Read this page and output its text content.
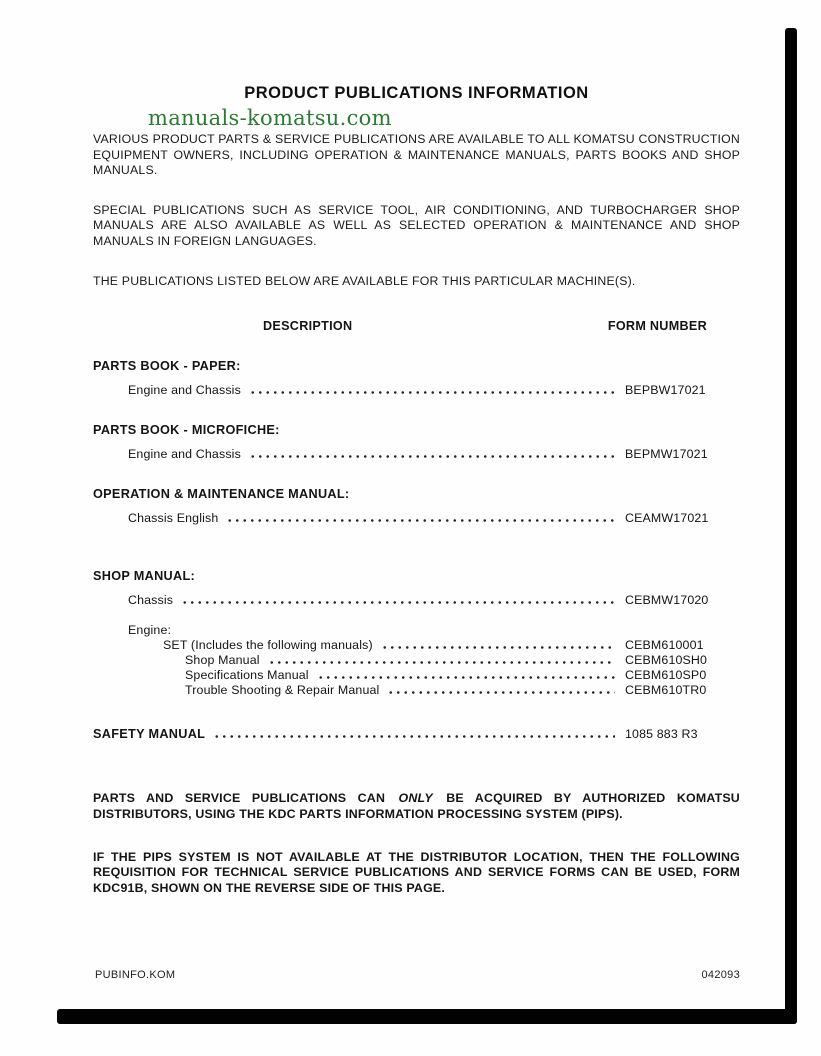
PRODUCT PUBLICATIONS INFORMATION
manuals-komatsu.com

VARIOUS PRODUCT PARTS & SERVICE PUBLICATIONS ARE AVAILABLE TO ALL KOMATSU CONSTRUCTION EQUIPMENT OWNERS, INCLUDING OPERATION & MAINTENANCE MANUALS, PARTS BOOKS AND SHOP MANUALS.

SPECIAL PUBLICATIONS SUCH AS SERVICE TOOL, AIR CONDITIONING, AND TURBOCHARGER SHOP MANUALS ARE ALSO AVAILABLE AS WELL AS SELECTED OPERATION & MAINTENANCE AND SHOP MANUALS IN FOREIGN LANGUAGES.

THE PUBLICATIONS LISTED BELOW ARE AVAILABLE FOR THIS PARTICULAR MACHINE(S).

DESCRIPTION	FORM NUMBER
PARTS BOOK - PAPER:
Engine and Chassis	BEPBW17021
PARTS BOOK - MICROFICHE:
Engine and Chassis	BEPMW17021
OPERATION & MAINTENANCE MANUAL:
Chassis English	CEAMW17021
SHOP MANUAL:
Chassis	CEBMW17020
Engine:
SET (Includes the following manuals)	CEBM610001
Shop Manual	CEBM610SH0
Specifications Manual	CEBM610SP0
Trouble Shooting & Repair Manual	CEBM610TR0
SAFETY MANUAL	1085 883 R3

PARTS AND SERVICE PUBLICATIONS CAN ONLY BE ACQUIRED BY AUTHORIZED KOMATSU DISTRIBUTORS, USING THE KDC PARTS INFORMATION PROCESSING SYSTEM (PIPS).

IF THE PIPS SYSTEM IS NOT AVAILABLE AT THE DISTRIBUTOR LOCATION, THEN THE FOLLOWING REQUISITION FOR TECHNICAL SERVICE PUBLICATIONS AND SERVICE FORMS CAN BE USED, FORM KDC91B, SHOWN ON THE REVERSE SIDE OF THIS PAGE.

PUBINFO.KOM	042093
